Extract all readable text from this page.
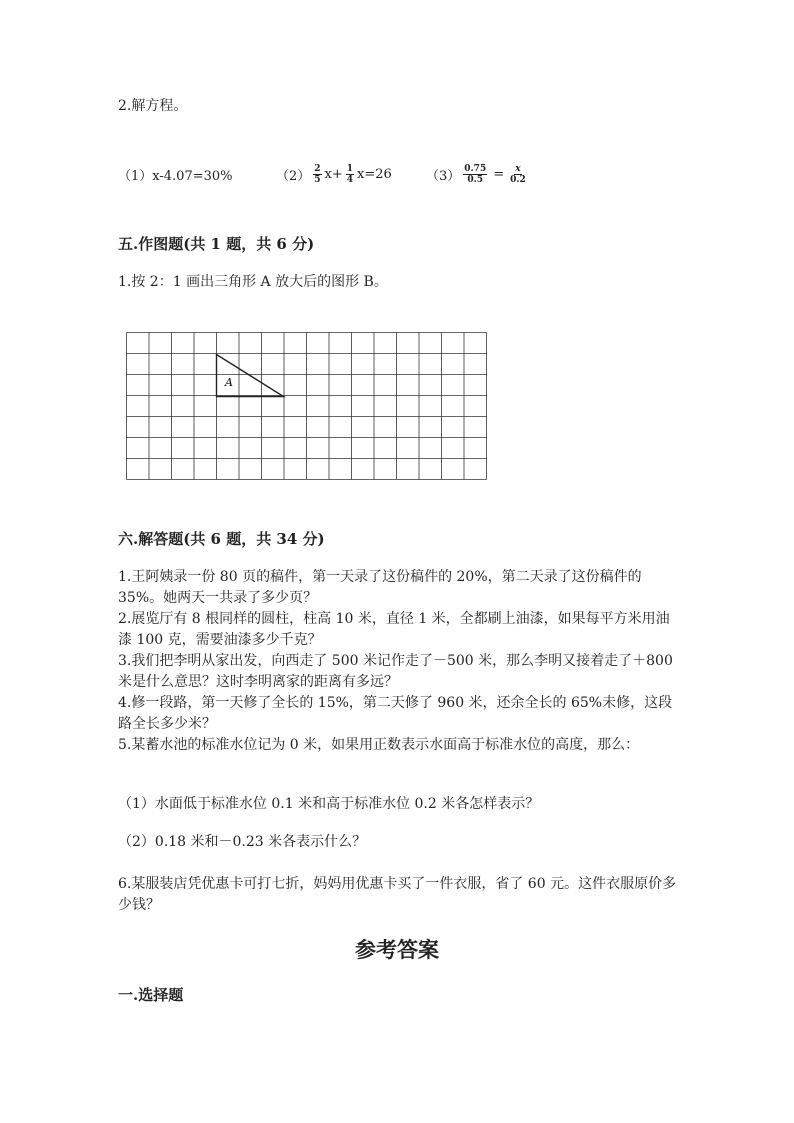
2.解方程。
（1）x-4.07=30%	$(2) \frac{2}{5} x+ \frac{1}{4} x=26$	$(3) \frac{0.75}{0.5} = \frac{x}{0.2}$
五.作图题(共 1 题，共 6 分)
1.按 2：1 画出三角形 A 放大后的图形 B。
A
六.解答题(共 6 题，共 34 分)
1.王阿姨录一份 80 页的稿件，第一天录了这份稿件的 20%，第二天录了这份稿件的 35%。她两天一共录了多少页？
2.展览厅有 8 根同样的圆柱，柱高 10 米，直径 1 米，全都刷上油漆，如果每平方米用油漆 100 克，需要油漆多少千克？
3.我们把李明从家出发，向西走了 500 米记作走了－500 米，那么李明又接着走了＋800 米是什么意思？这时李明离家的距离有多远？
4.修一段路，第一天修了全长的 15%，第二天修了 960 米，还余全长的 65%未修，这段路全长多少米？
5.某蓄水池的标准水位记为 0 米，如果用正数表示水面高于标准水位的高度，那么：
（1）水面低于标准水位 0.1 米和高于标准水位 0.2 米各怎样表示？
（2）0.18 米和－0.23 米各表示什么？
6.某服装店凭优惠卡可打七折，妈妈用优惠卡买了一件衣服，省了 60 元。这件衣服原价多少钱？
参考答案
一.选择题
